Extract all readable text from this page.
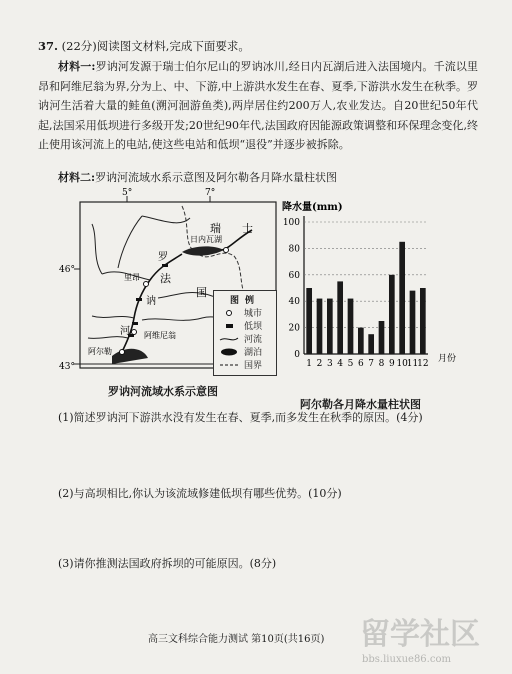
37. (22分)阅读图文材料,完成下面要求。
材料一:罗讷河发源于瑞士伯尔尼山的罗讷冰川,经日内瓦湖后进入法国境内。千流以里昂和阿维尼翁为界,分为上、中、下游,中上游洪水发生在春、夏季,下游洪水发生在秋季。罗讷河生活着大量的鲑鱼(溯河洄游鱼类),两岸居住约200万人,农业发达。自20世纪50年代起,法国采用低坝进行多级开发;20世纪90年代,法国政府因能源政策调整和环保理念变化,终止使用该河流上的电站,使这些电站和低坝“退役”并逐步被拆除。
材料二:罗讷河流域水系示意图及阿尔勒各月降水量柱状图
5°	7°
46°
43°
瑞 士
日内瓦湖
罗
讷
河
法
国
里昂
阿维尼翁
阿尔勒
图例
城市
低坝
河流
湖泊
国界
罗讷河流域水系示意图
降水量(mm)
0
20
40
60
80
100
1 2 3 4 5 6 7 8 9 10
11
12 月份
阿尔勒各月降水量柱状图
(1)简述罗讷河下游洪水没有发生在春、夏季,而多发生在秋季的原因。(4分)
(2)与高坝相比,你认为该流域修建低坝有哪些优势。(10分)
(3)请你推测法国政府拆坝的可能原因。(8分)
高三文科综合能力测试 第10页(共16页) 留学社区
bbs.liuxue86.com
